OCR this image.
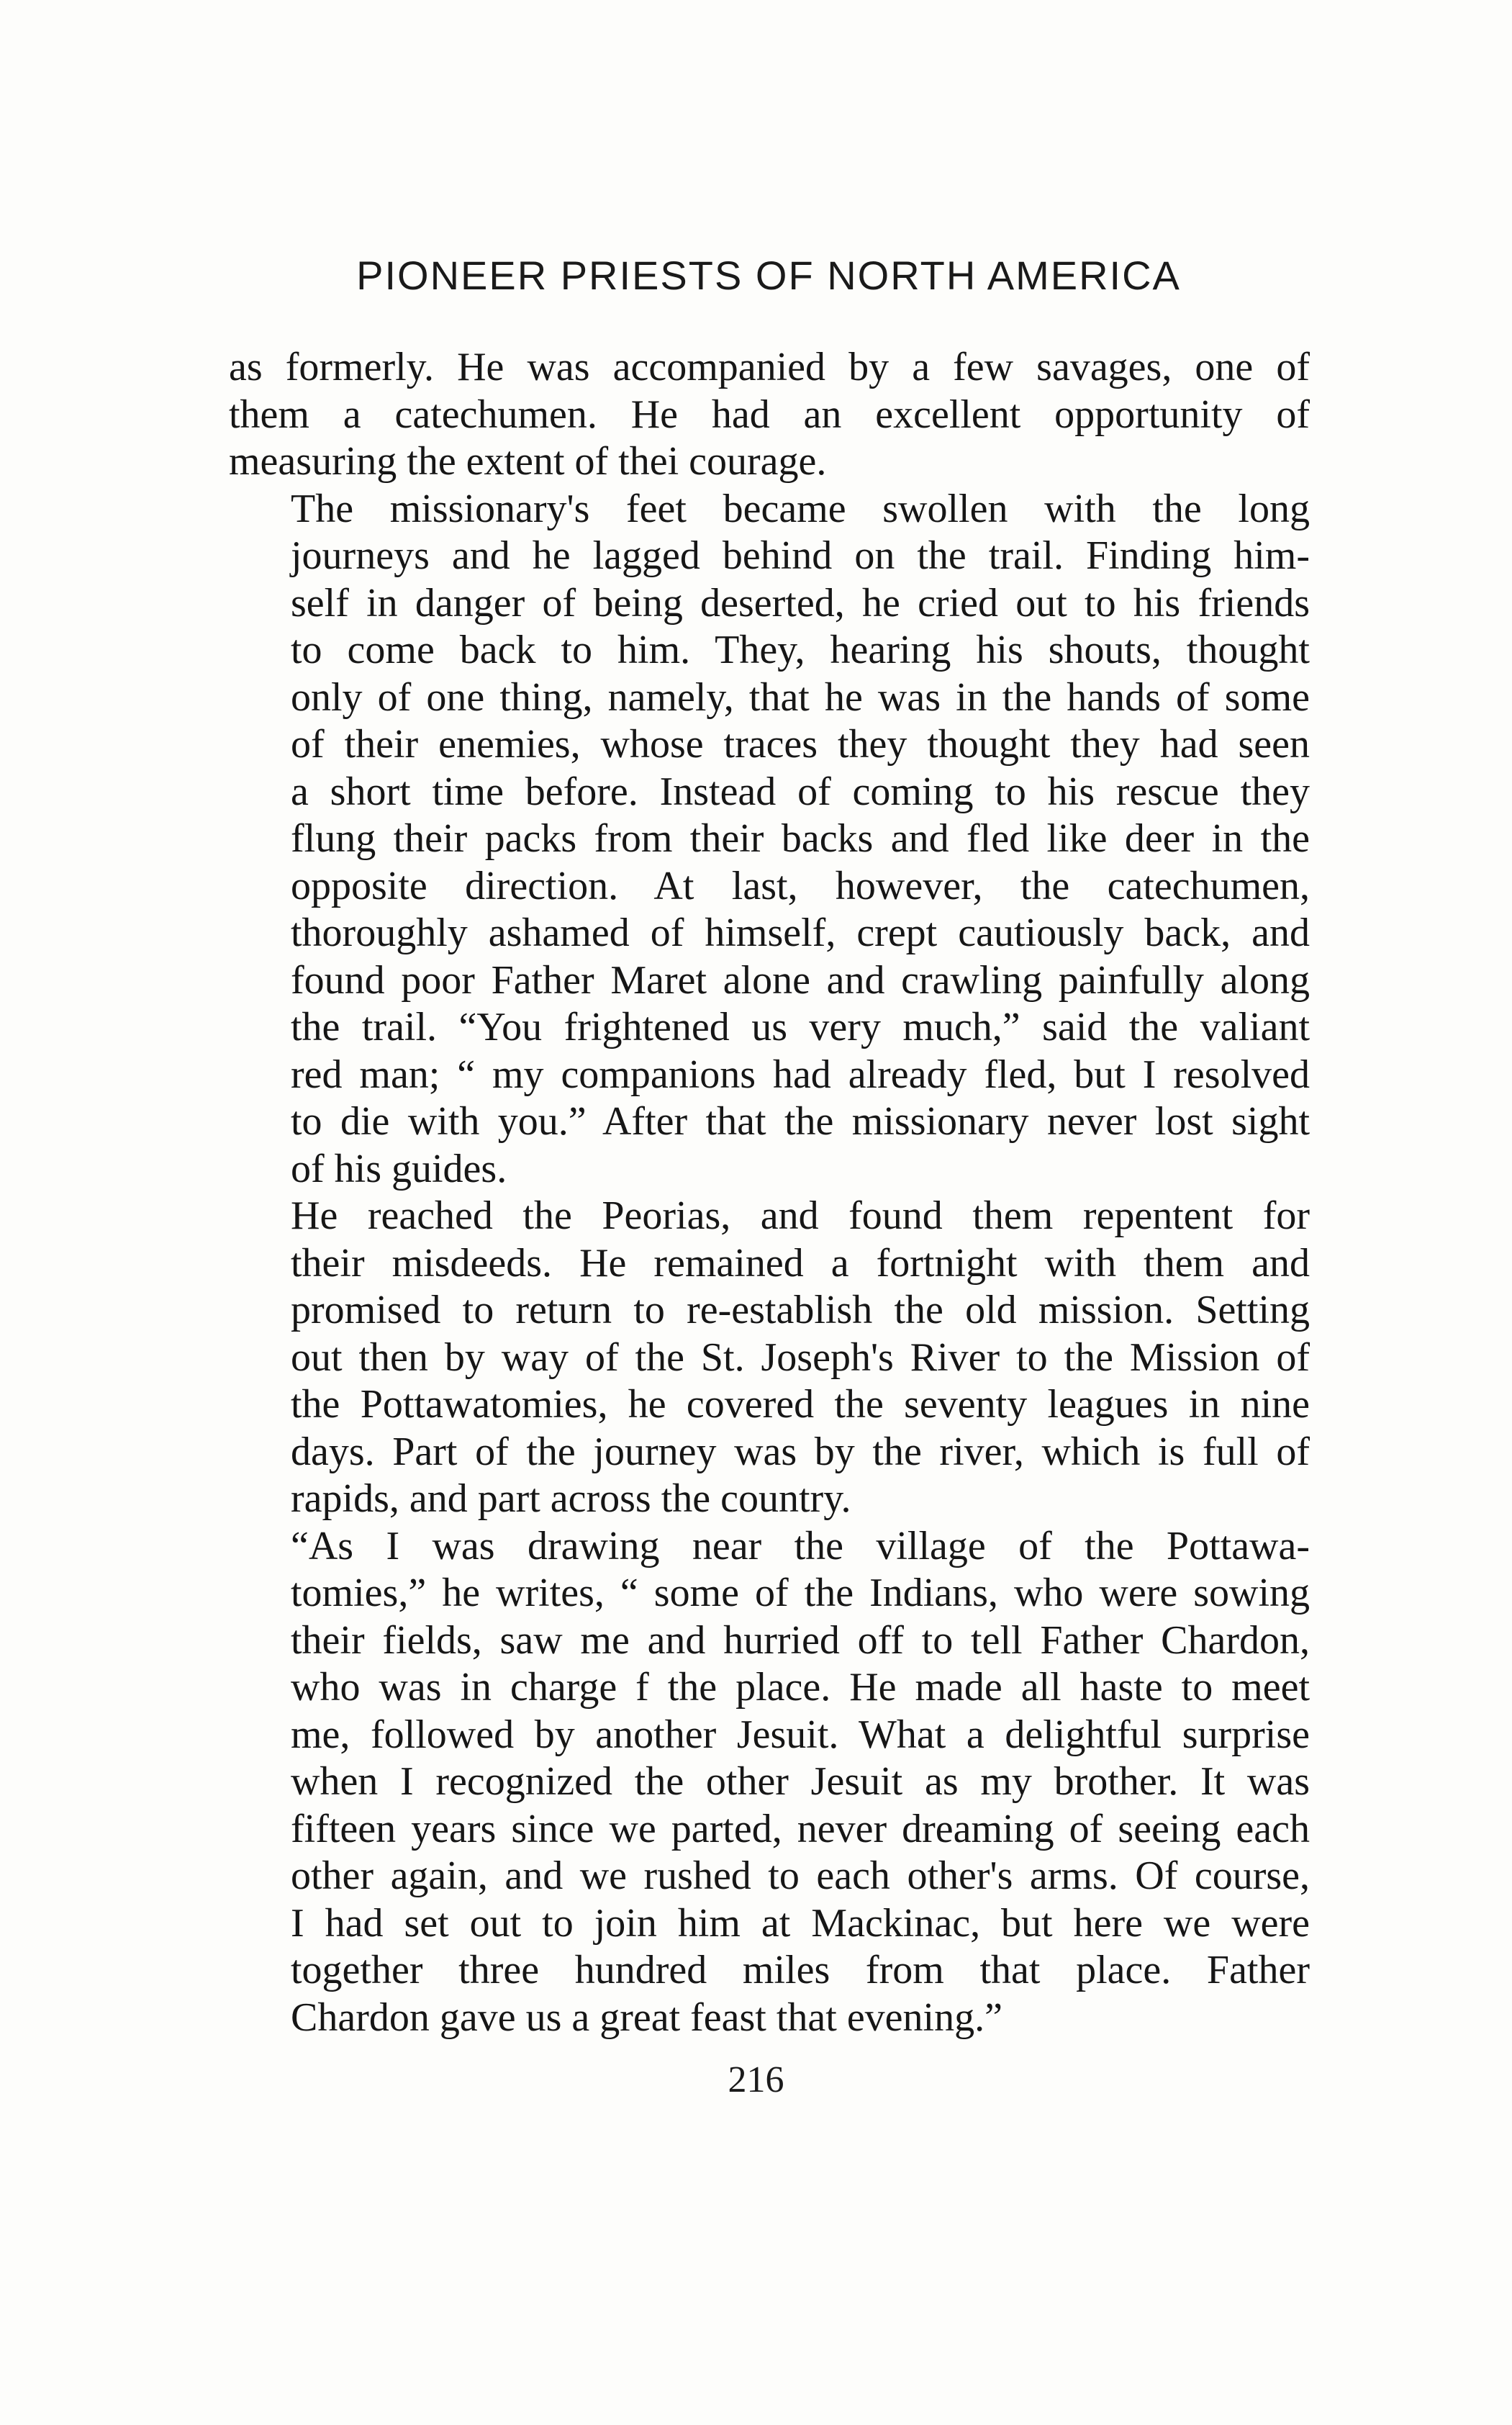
PIONEER PRIESTS OF NORTH AMERICA

as formerly. He was accompanied by a few savages, one of
them a catechumen. He had an excellent opportunity of
measuring the extent of thei courage.

The missionary's feet became swollen with the long
journeys and he lagged behind on the trail. Finding him-
self in danger of being deserted, he cried out to his friends
to come back to him. They, hearing his shouts, thought
only of one thing, namely, that he was in the hands of some
of their enemies, whose traces they thought they had seen
a short time before. Instead of coming to his rescue they
flung their packs from their backs and fled like deer in the
opposite direction. At last, however, the catechumen,
thoroughly ashamed of himself, crept cautiously back, and
found poor Father Maret alone and crawling painfully along
the trail. “You frightened us very much,” said the valiant
red man; “ my companions had already fled, but I resolved
to die with you.” After that the missionary never lost sight
of his guides.

He reached the Peorias, and found them repentent for
their misdeeds. He remained a fortnight with them and
promised to return to re-establish the old mission. Setting
out then by way of the St. Joseph's River to the Mission of
the Pottawatomies, he covered the seventy leagues in nine
days. Part of the journey was by the river, which is full of
rapids, and part across the country.

“As I was drawing near the village of the Pottawa-
tomies,” he writes, “ some of the Indians, who were sowing
their fields, saw me and hurried off to tell Father Chardon,
who was in charge f the place. He made all haste to meet
me, followed by another Jesuit. What a delightful surprise
when I recognized the other Jesuit as my brother. It was
fifteen years since we parted, never dreaming of seeing each
other again, and we rushed to each other's arms. Of course,
I had set out to join him at Mackinac, but here we were
together three hundred miles from that place. Father
Chardon gave us a great feast that evening.”

216
